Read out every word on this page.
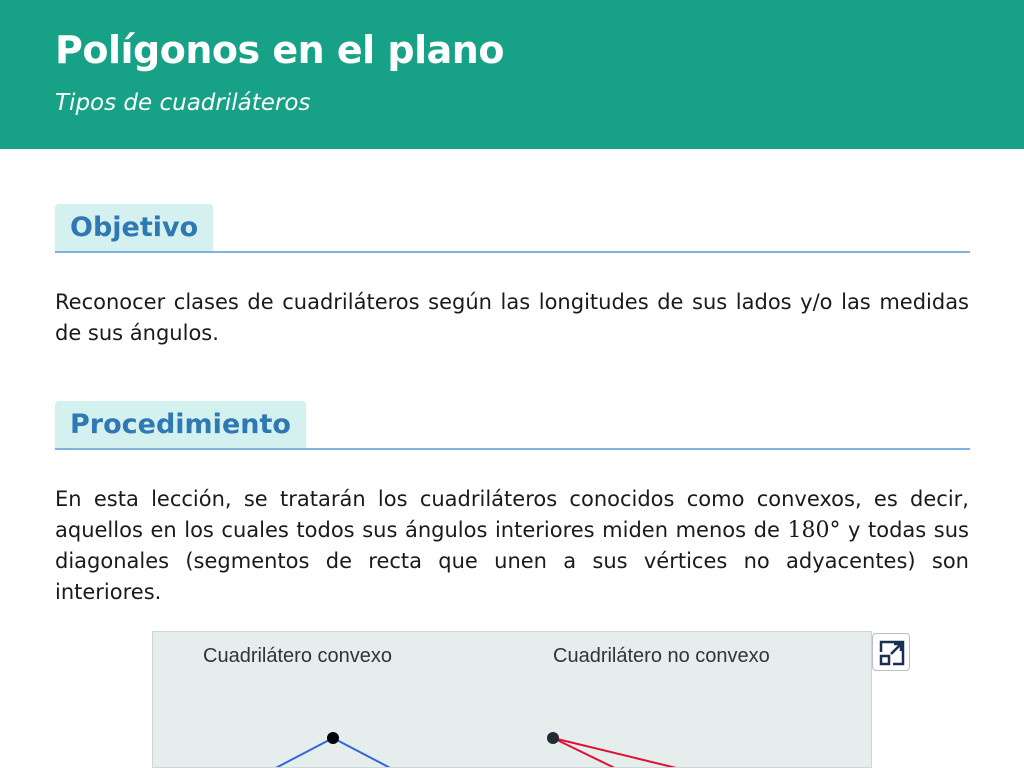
Polígonos en el plano
Tipos de cuadriláteros
Objetivo

Reconocer clases de cuadriláteros según las longitudes de sus lados y/o las medidas de sus ángulos.

Procedimiento

En esta lección, se tratarán los cuadriláteros conocidos como convexos, es decir, aquellos en los cuales todos sus ángulos interiores miden menos de 180° y todas sus diagonales (segmentos de recta que unen a sus vértices no adyacentes) son interiores.

Cuadrilátero convexo	Cuadrilátero no convexo
